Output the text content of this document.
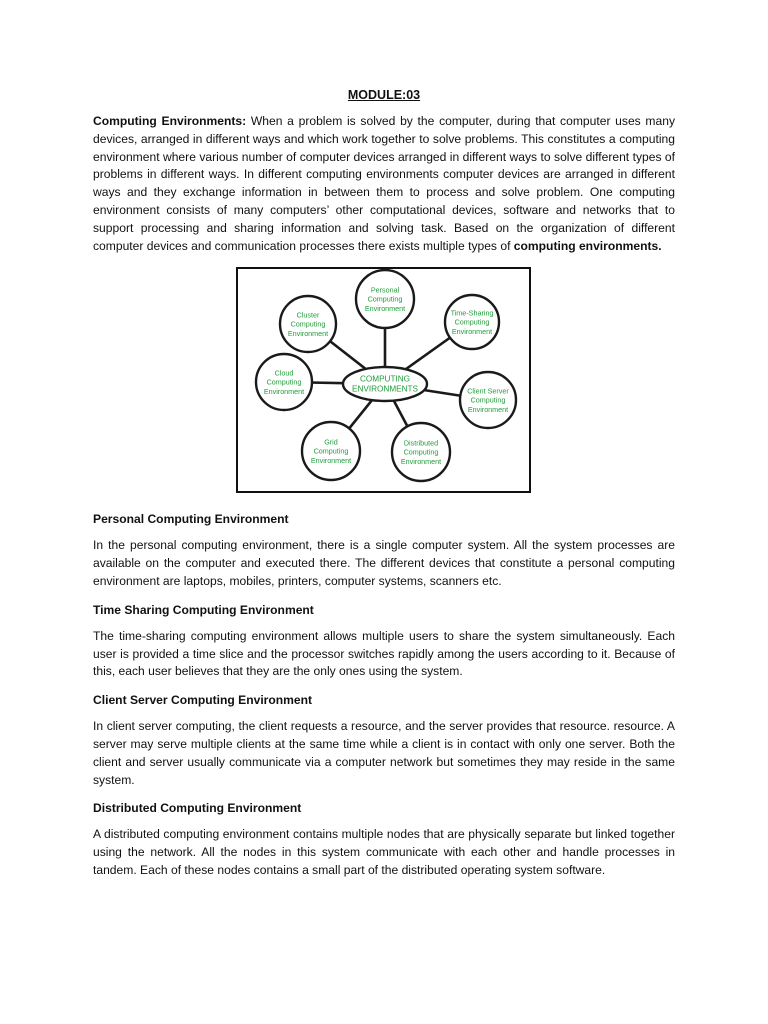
MODULE:03

Computing Environments: When a problem is solved by the computer, during that computer uses many devices, arranged in different ways and which work together to solve problems. This constitutes a computing environment where various number of computer devices arranged in different ways to solve different types of problems in different ways. In different computing environments computer devices are arranged in different ways and they exchange information in between them to process and solve problem. One computing environment consists of many computers’ other computational devices, software and networks that to support processing and sharing information and solving task. Based on the organization of different computer devices and communication processes there exists multiple types of computing environments.

Personal
Computing
Environment
Time-Sharing
Computing
Environment
Client Server
Computing
Environment
Distributed
Computing
Environment
Grid
Computing
Environment
Cloud
Computing
Environment
Cluster
Computing
Environment
COMPUTING
ENVIRONMENTS
Personal Computing Environment

In the personal computing environment, there is a single computer system. All the system processes are available on the computer and executed there. The different devices that constitute a personal computing environment are laptops, mobiles, printers, computer systems, scanners etc.

Time Sharing Computing Environment

The time-sharing computing environment allows multiple users to share the system simultaneously. Each user is provided a time slice and the processor switches rapidly among the users according to it. Because of this, each user believes that they are the only ones using the system.

Client Server Computing Environment

In client server computing, the client requests a resource, and the server provides that resource. resource. A server may serve multiple clients at the same time while a client is in contact with only one server. Both the client and server usually communicate via a computer network but sometimes they may reside in the same system.

Distributed Computing Environment

A distributed computing environment contains multiple nodes that are physically separate but linked together using the network. All the nodes in this system communicate with each other and handle processes in tandem. Each of these nodes contains a small part of the distributed operating system software.
